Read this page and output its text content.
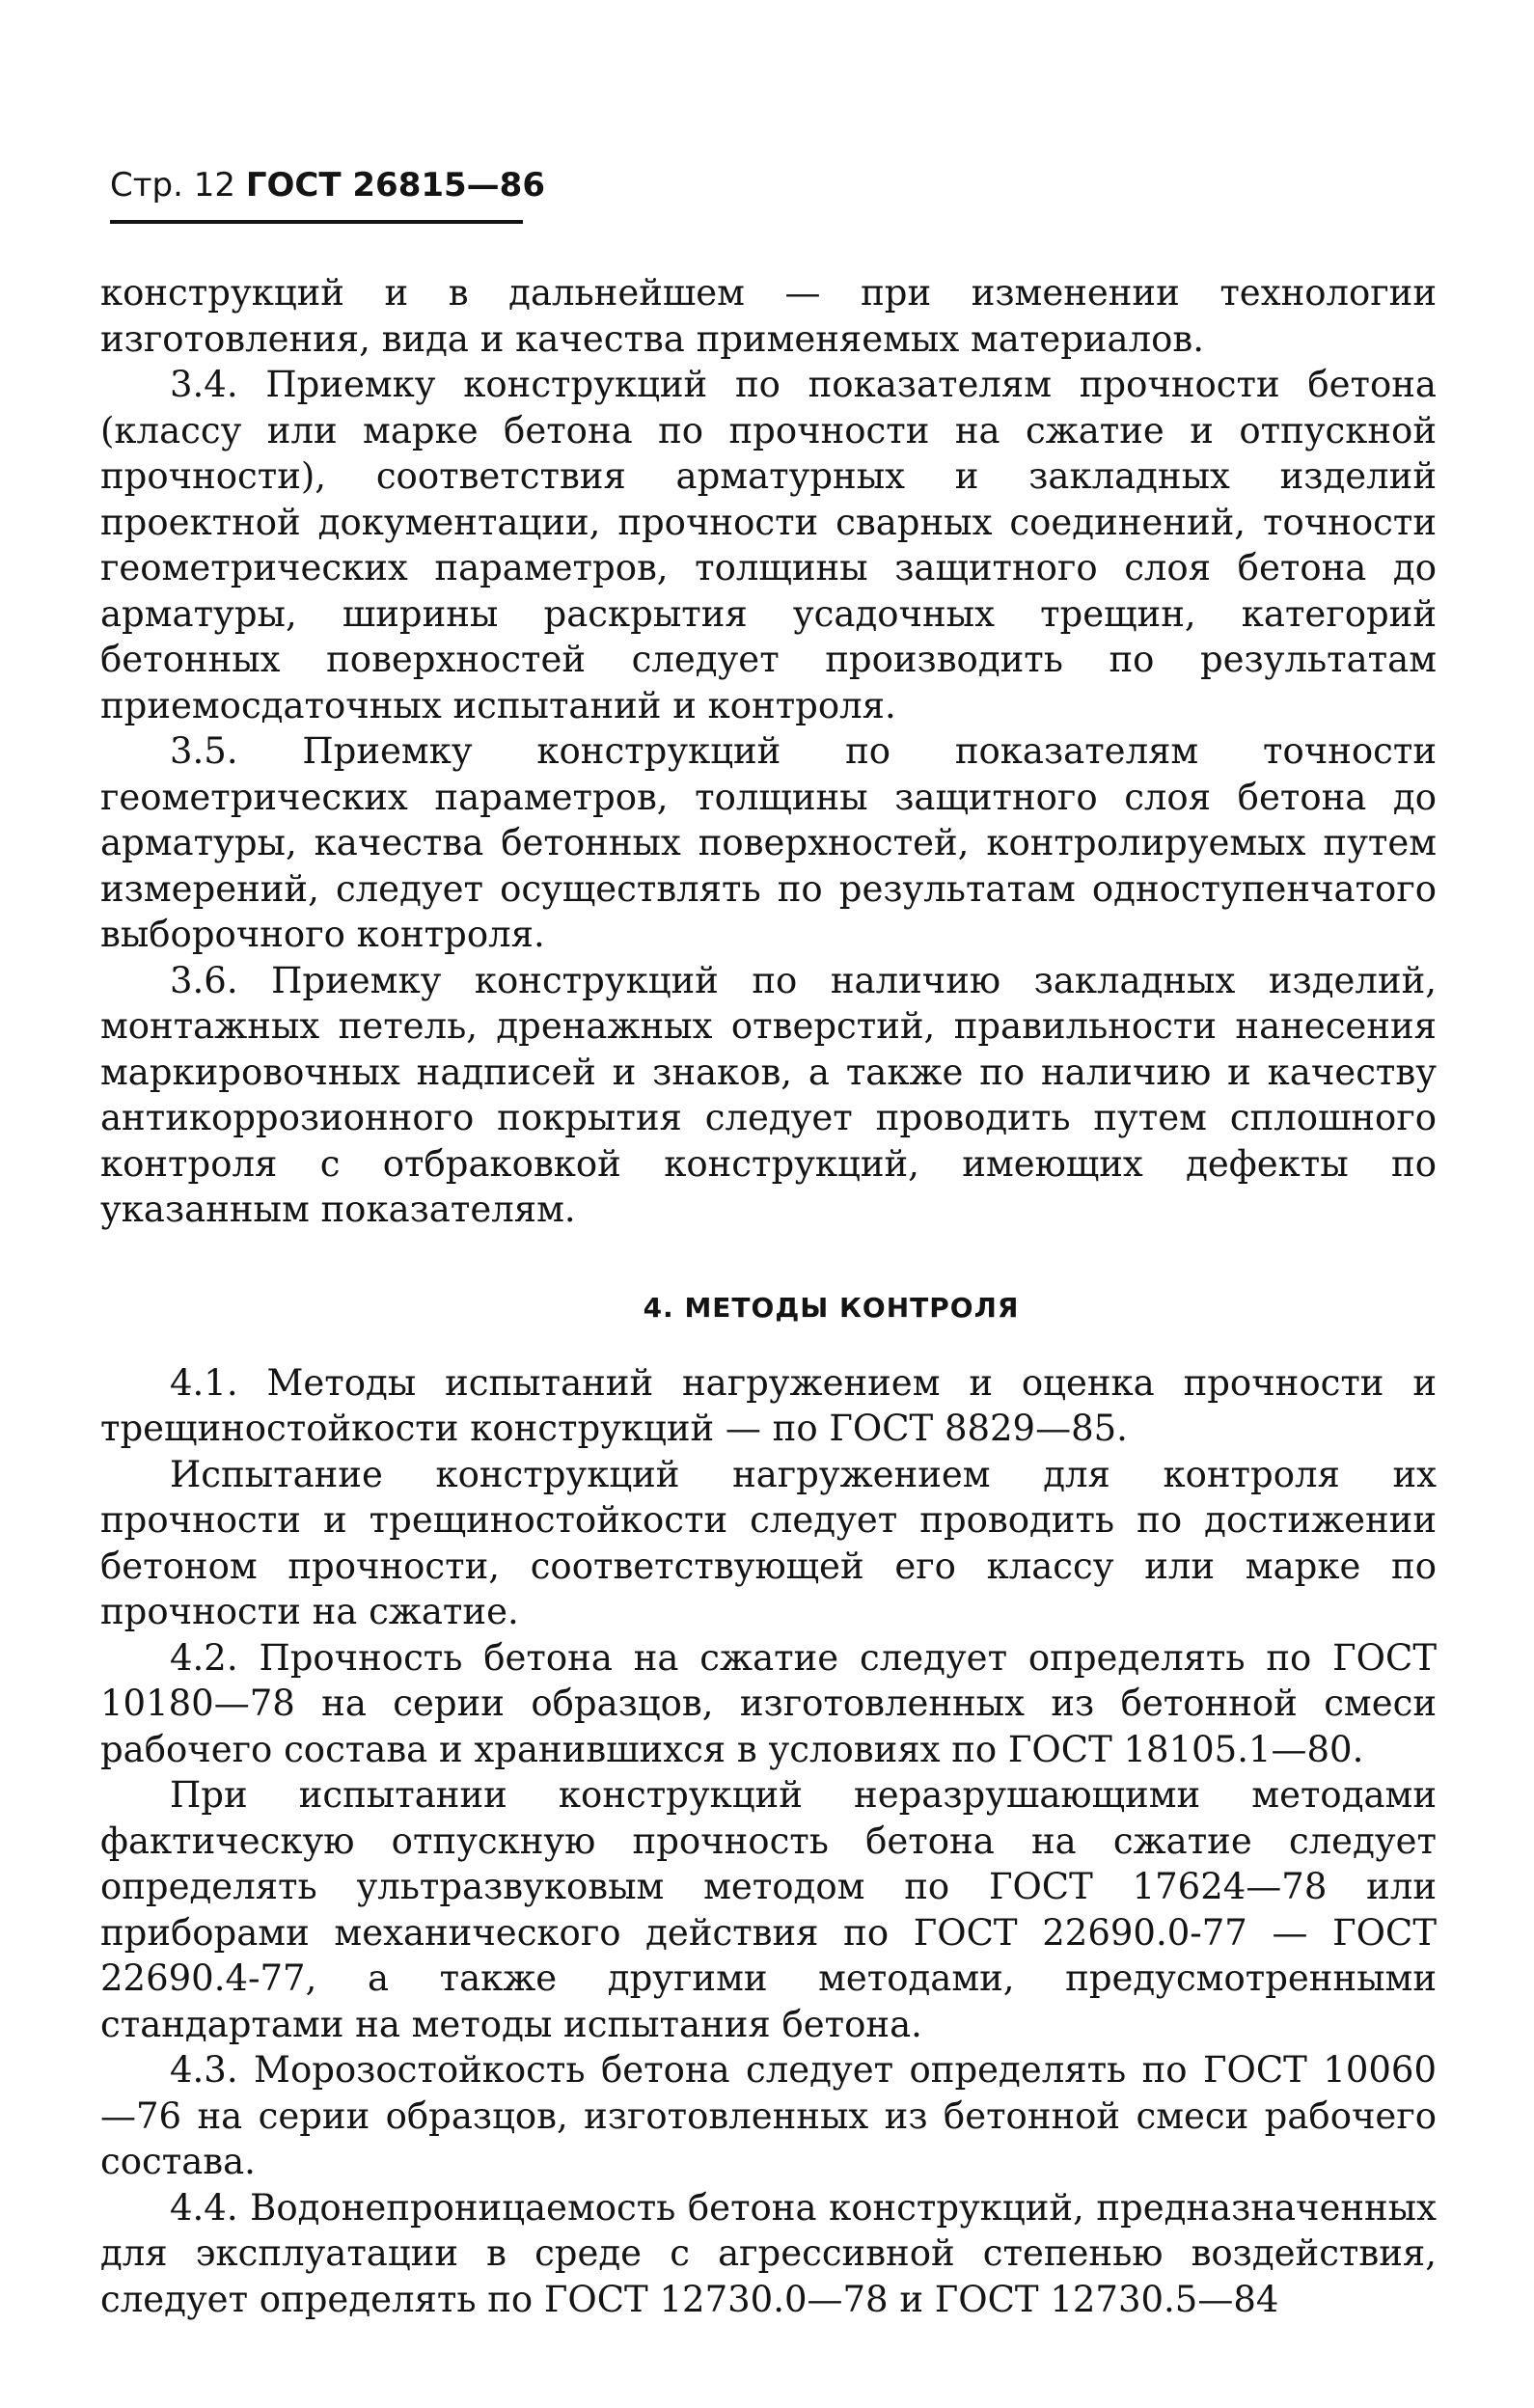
Стр. 12 ГОСТ 26815—86

конструкций и в дальнейшем — при изменении технологии изготовления, вида и качества применяемых материалов.

3.4. Приемку конструкций по показателям прочности бетона (классу или марке бетона по прочности на сжатие и отпускной прочности), соответствия арматурных и закладных изделий проектной документации, прочности сварных соединений, точности геометрических параметров, толщины защитного слоя бетона до арматуры, ширины раскрытия усадочных трещин, категорий бетонных поверхностей следует производить по результатам приемосдаточных испытаний и контроля.

3.5. Приемку конструкций по показателям точности геометрических параметров, толщины защитного слоя бетона до арматуры, качества бетонных поверхностей, контролируемых путем измерений, следует осуществлять по результатам одноступенчатого выборочного контроля.

3.6. Приемку конструкций по наличию закладных изделий, монтажных петель, дренажных отверстий, правильности нанесения маркировочных надписей и знаков, а также по наличию и качеству антикоррозионного покрытия следует проводить путем сплошного контроля с отбраковкой конструкций, имеющих дефекты по указанным показателям.

4. МЕТОДЫ КОНТРОЛЯ

4.1. Методы испытаний нагружением и оценка прочности и трещиностойкости конструкций — по ГОСТ 8829—85.

Испытание конструкций нагружением для контроля их прочности и трещиностойкости следует проводить по достижении бетоном прочности, соответствующей его классу или марке по прочности на сжатие.

4.2. Прочность бетона на сжатие следует определять по ГОСТ 10180—78 на серии образцов, изготовленных из бетонной смеси рабочего состава и хранившихся в условиях по ГОСТ 18105.1—80.

При испытании конструкций неразрушающими методами фактическую отпускную прочность бетона на сжатие следует определять ультразвуковым методом по ГОСТ 17624—78 или приборами механического действия по ГОСТ 22690.0-77 — ГОСТ 22690.4-77, а также другими методами, предусмотренными стандартами на методы испытания бетона.

4.3. Морозостойкость бетона следует определять по ГОСТ 10060—76 на серии образцов, изготовленных из бетонной смеси рабочего состава.

4.4. Водонепроницаемость бетона конструкций, предназначенных для эксплуатации в среде с агрессивной степенью воздействия, следует определять по ГОСТ 12730.0—78 и ГОСТ 12730.5—84
